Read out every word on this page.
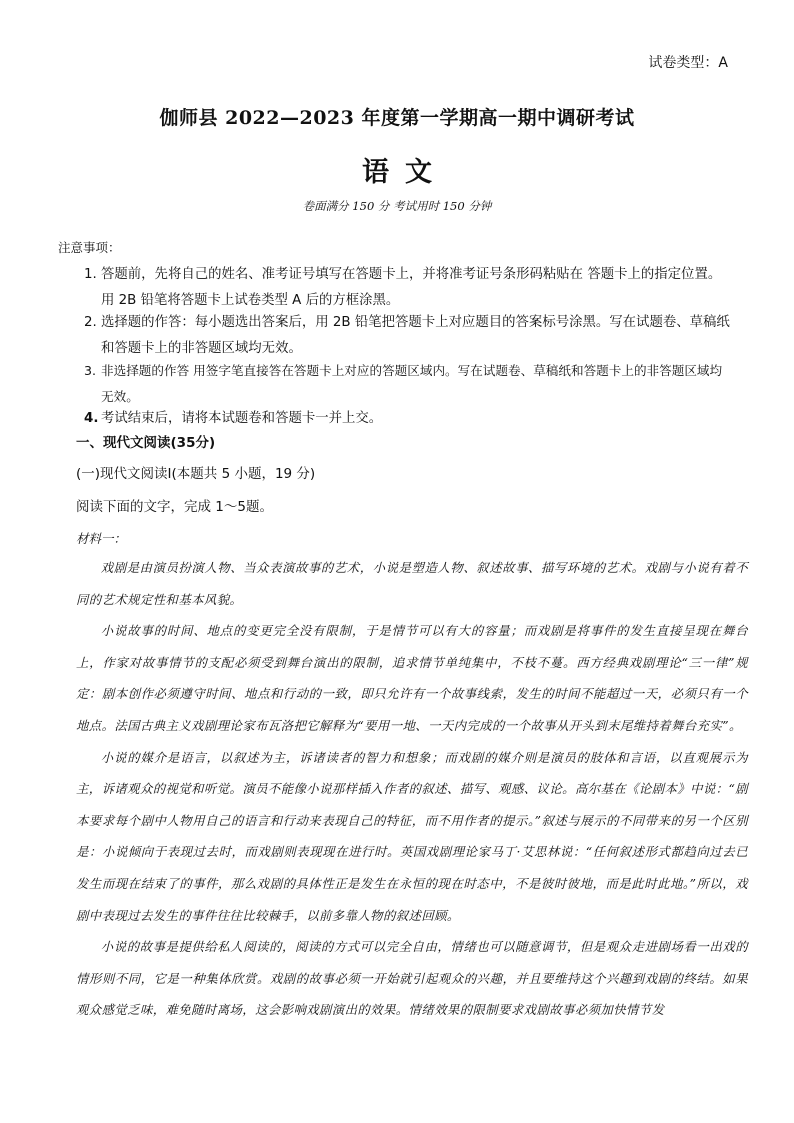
试卷类型：A
伽师县 2022—2023 年度第一学期高一期中调研考试
语文
卷面满分 150 分 考试用时 150 分钟
注意事项：
1. 答题前，先将自己的姓名、准考证号填写在答题卡上，并将准考证号条形码粘贴在 答题卡上的指定位置。用 2B 铅笔将答题卡上试卷类型 A 后的方框涂黑。
2. 选择题的作答：每小题选出答案后，用 2B 铅笔把答题卡上对应题目的答案标号涂黑。写在试题卷、草稿纸和答题卡上的非答题区域均无效。
3. 非选择题的作答 用签字笔直接答在答题卡上对应的答题区域内。写在试题卷、草稿纸和答题卡上的非答题区域均无效。
4. 考试结束后，请将本试题卷和答题卡一并上交。
一、现代文阅读(35分)
(一)现代文阅读Ⅰ(本题共 5 小题，19 分)
阅读下面的文字，完成 1～5题。
材料一：

戏剧是由演员扮演人物、当众表演故事的艺术，小说是塑造人物、叙述故事、描写环境的艺术。戏剧与小说有着不同的艺术规定性和基本风貌。

小说故事的时间、地点的变更完全没有限制，于是情节可以有大的容量；而戏剧是将事件的发生直接呈现在舞台上，作家对故事情节的支配必须受到舞台演出的限制，追求情节单纯集中，不枝不蔓。西方经典戏剧理论“三一律”规定：剧本创作必须遵守时间、地点和行动的一致，即只允许有一个故事线索，发生的时间不能超过一天，必须只有一个地点。法国古典主义戏剧理论家布瓦洛把它解释为“要用一地、一天内完成的一个故事从开头到末尾维持着舞台充实”。

小说的媒介是语言，以叙述为主，诉诸读者的智力和想象；而戏剧的媒介则是演员的肢体和言语，以直观展示为主，诉诸观众的视觉和听觉。演员不能像小说那样插入作者的叙述、描写、观感、议论。高尔基在《论剧本》中说：“剧本要求每个剧中人物用自己的语言和行动来表现自己的特征，而不用作者的提示。”叙述与展示的不同带来的另一个区别是：小说倾向于表现过去时，而戏剧则表现现在进行时。英国戏剧理论家马丁·艾思林说：“任何叙述形式都趋向过去已发生而现在结束了的事件，那么戏剧的具体性正是发生在永恒的现在时态中，不是彼时彼地，而是此时此地。”所以，戏剧中表现过去发生的事件往往比较棘手，以前多靠人物的叙述回顾。

小说的故事是提供给私人阅读的，阅读的方式可以完全自由，情绪也可以随意调节，但是观众走进剧场看一出戏的情形则不同，它是一种集体欣赏。戏剧的故事必须一开始就引起观众的兴趣，并且要维持这个兴趣到戏剧的终结。如果观众感觉乏味，难免随时离场，这会影响戏剧演出的效果。情绪效果的限制要求戏剧故事必须加快情节发
